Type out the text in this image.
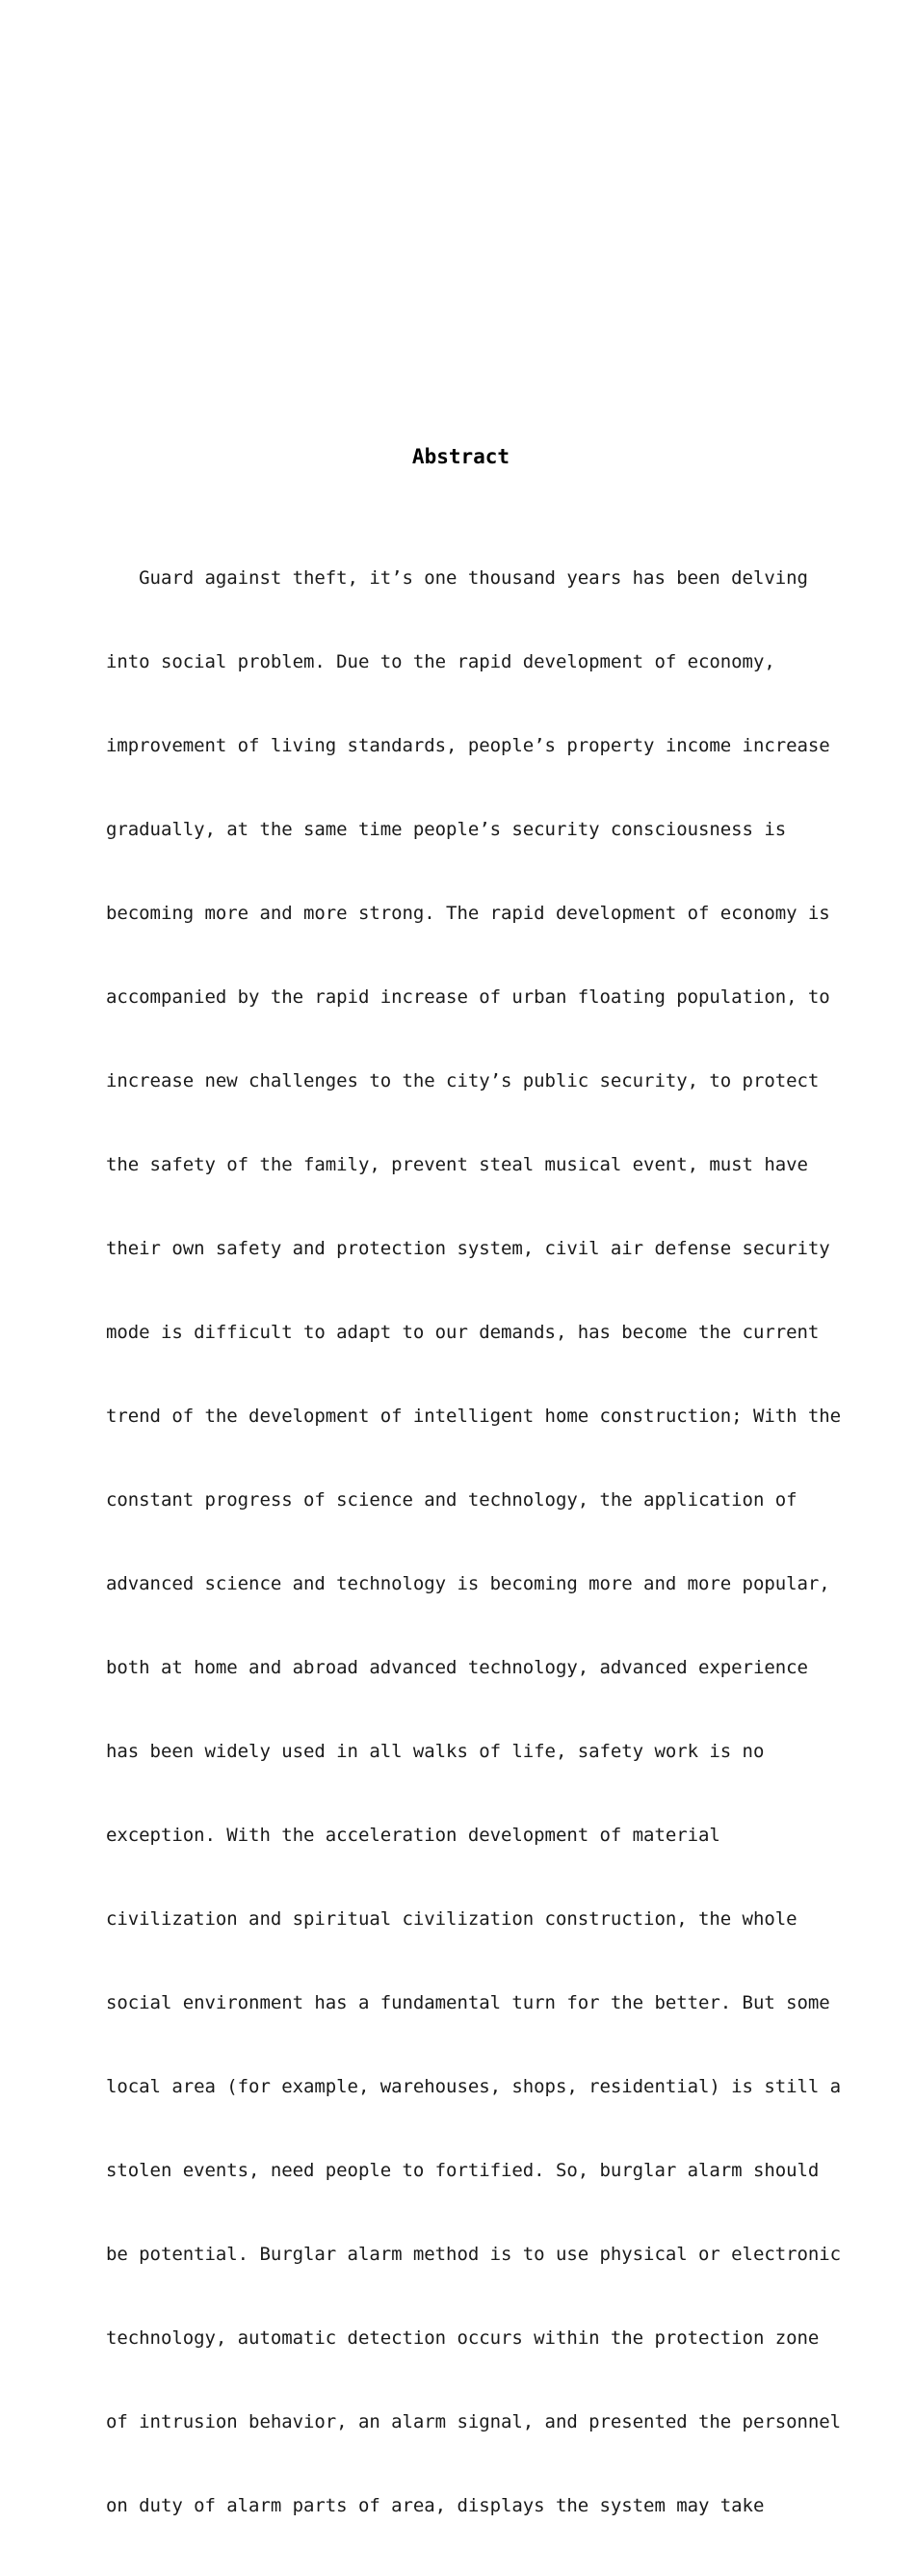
Abstract

Guard against theft, it’s one thousand years has been delving

into social problem. Due to the rapid development of economy,

improvement of living standards, people’s property income increase

gradually, at the same time people’s security consciousness is

becoming more and more strong. The rapid development of economy is

accompanied by the rapid increase of urban floating population, to

increase new challenges to the city’s public security, to protect

the safety of the family, prevent steal musical event, must have

their own safety and protection system, civil air defense security

mode is difficult to adapt to our demands, has become the current

trend of the development of intelligent home construction; With the

constant progress of science and technology, the application of

advanced science and technology is becoming more and more popular,

both at home and abroad advanced technology, advanced experience

has been widely used in all walks of life, safety work is no

exception. With the acceleration development of material

civilization and spiritual civilization construction, the whole

social environment has a fundamental turn for the better. But some

local area (for example, warehouses, shops, residential) is still a

stolen events, need people to fortified. So, burglar alarm should

be potential. Burglar alarm method is to use physical or electronic

technology, automatic detection occurs within the protection zone

of intrusion behavior, an alarm signal, and presented the personnel

on duty of alarm parts of area, displays the system may take
